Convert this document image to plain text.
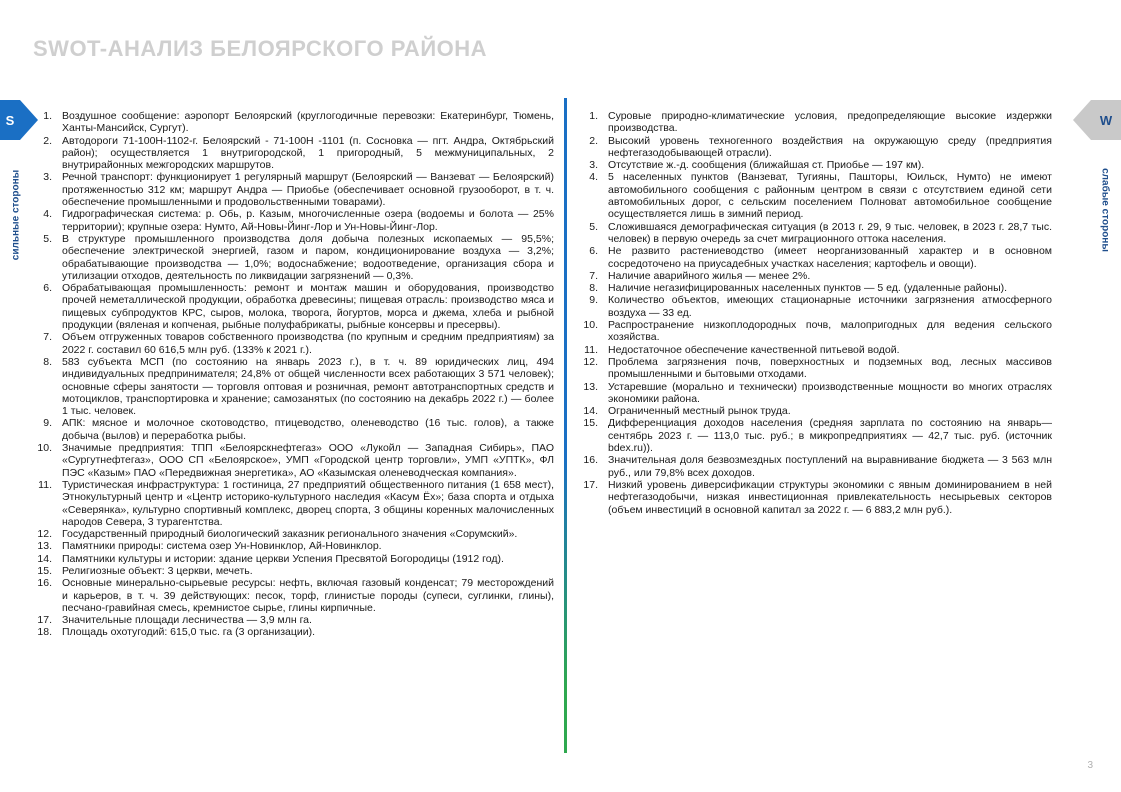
SWOT-АНАЛИЗ БЕЛОЯРСКОГО РАЙОНА
S
сильные стороны
W
слабые стороны
1. Воздушное сообщение: аэропорт Белоярский (круглогодичные перевозки: Екатеринбург, Тюмень, Ханты-Мансийск, Сургут).
2. Автодороги 71-100Н-1102-г. Белоярский - 71-100Н -1101 (п. Сосновка — пгт. Андра, Октябрьский район); осуществляется 1 внутригородской, 1 пригородный, 5 межмуниципальных, 2 внутрирайонных межгородских маршрутов.
3. Речной транспорт: функционирует 1 регулярный маршрут (Белоярский — Ванзеват — Белоярский) протяженностью 312 км; маршрут Андра — Приобье (обеспечивает основной грузооборот, в т. ч. обеспечение промышленными и продовольственными товарами).
4. Гидрографическая система: р. Обь, р. Казым, многочисленные озера (водоемы и болота — 25% территории); крупные озера: Нумто, Ай-Новы-Йинг-Лор и Ун-Новы-Йинг-Лор.
5. В структуре промышленного производства доля добыча полезных ископаемых — 95,5%; обеспечение электрической энергией, газом и паром, кондиционирование воздуха — 3,2%; обрабатывающие производства — 1,0%; водоснабжение; водоотведение, организация сбора и утилизации отходов, деятельность по ликвидации загрязнений — 0,3%.
6. Обрабатывающая промышленность: ремонт и монтаж машин и оборудования, производство прочей неметаллической продукции, обработка древесины; пищевая отрасль: производство мяса и пищевых субпродуктов КРС, сыров, молока, творога, йогуртов, морса и джема, хлеба и рыбной продукции (вяленая и копченая, рыбные полуфабрикаты, рыбные консервы и пресервы).
7. Объем отгруженных товаров собственного производства (по крупным и средним предприятиям) за 2022 г. составил 60 616,5 млн руб. (133% к 2021 г.).
8. 583 субъекта МСП (по состоянию на январь 2023 г.), в т. ч. 89 юридических лиц, 494 индивидуальных предпринимателя; 24,8% от общей численности всех работающих 3 571 человек); основные сферы занятости — торговля оптовая и розничная, ремонт автотранспортных средств и мотоциклов, транспортировка и хранение; самозанятых (по состоянию на декабрь 2022 г.) — более 1 тыс. человек.
9. АПК: мясное и молочное скотоводство, птицеводство, оленеводство (16 тыс. голов), а также добыча (вылов) и переработка рыбы.
10. Значимые предприятия: ТПП «Белоярскнефтегаз» ООО «Лукойл — Западная Сибирь», ПАО «Сургутнефтегаз», ООО СП «Белоярское», УМП «Городской центр торговли», УМП «УПТК», ФЛ ПЭС «Казым» ПАО «Передвижная энергетика», АО «Казымская оленеводческая компания».
11. Туристическая инфраструктура: 1 гостиница, 27 предприятий общественного питания (1 658 мест), Этнокультурный центр и «Центр историко-культурного наследия «Касум Ёх»; база спорта и отдыха «Северянка», культурно спортивный комплекс, дворец спорта, 3 общины коренных малочисленных народов Севера, 3 турагентства.
12. Государственный природный биологический заказник регионального значения «Сорумский».
13. Памятники природы: система озер Ун-Новинклор, Ай-Новинклор.
14. Памятники культуры и истории: здание церкви Успения Пресвятой Богородицы (1912 год).
15. Религиозные объект: 3 церкви, мечеть.
16. Основные минерально-сырьевые ресурсы: нефть, включая газовый конденсат; 79 месторождений и карьеров, в т. ч. 39 действующих: песок, торф, глинистые породы (супеси, суглинки, глины), песчано-гравийная смесь, кремнистое сырье, глины кирпичные.
17. Значительные площади лесничества — 3,9 млн га.
18. Площадь охотугодий: 615,0 тыс. га (3 организации).
1. Суровые природно-климатические условия, предопределяющие высокие издержки производства.
2. Высокий уровень техногенного воздействия на окружающую среду (предприятия нефтегазодобывающей отрасли).
3. Отсутствие ж.-д. сообщения (ближайшая ст. Приобье — 197 км).
4. 5 населенных пунктов (Ванзеват, Тугияны, Пашторы, Юильск, Нумто) не имеют автомобильного сообщения с районным центром в связи с отсутствием единой сети автомобильных дорог, с сельским поселением Полноват автомобильное сообщение осуществляется лишь в зимний период.
5. Сложившаяся демографическая ситуация (в 2013 г. 29, 9 тыс. человек, в 2023 г. 28,7 тыс. человек) в первую очередь за счет миграционного оттока населения.
6. Не развито растениеводство (имеет неорганизованный характер и в основном сосредоточено на приусадебных участках населения; картофель и овощи).
7. Наличие аварийного жилья — менее 2%.
8. Наличие негазифицированных населенных пунктов — 5 ед. (удаленные районы).
9. Количество объектов, имеющих стационарные источники загрязнения атмосферного воздуха — 33 ед.
10. Распространение низкоплодородных почв, малопригодных для ведения сельского хозяйства.
11. Недостаточное обеспечение качественной питьевой водой.
12. Проблема загрязнения почв, поверхностных и подземных вод, лесных массивов промышленными и бытовыми отходами.
13. Устаревшие (морально и технически) производственные мощности во многих отраслях экономики района.
14. Ограниченный местный рынок труда.
15. Дифференциация доходов населения (средняя зарплата по состоянию на январь—сентябрь 2023 г. — 113,0 тыс. руб.; в микропредприятиях — 42,7 тыс. руб. (источник bdex.ru)).
16. Значительная доля безвозмездных поступлений на выравнивание бюджета — 3 563 млн руб., или 79,8% всех доходов.
17. Низкий уровень диверсификации структуры экономики с явным доминированием в ней нефтегазодобычи, низкая инвестиционная привлекательность несырьевых секторов (объем инвестиций в основной капитал за 2022 г. — 6 883,2 млн руб.).
3
